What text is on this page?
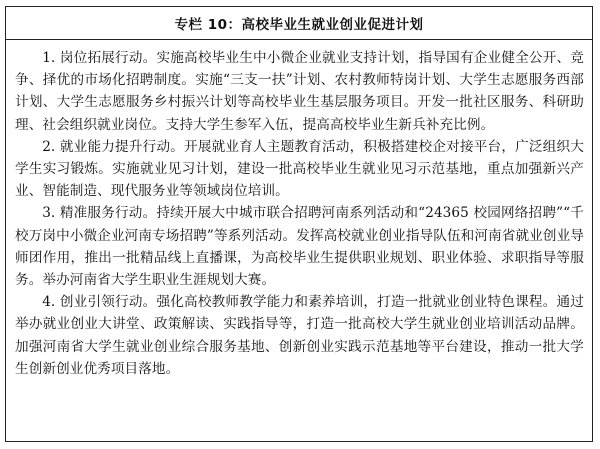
专栏 10：高校毕业生就业创业促进计划

1. 岗位拓展行动。实施高校毕业生中小微企业就业支持计划，指导国有企业健全公开、竞争、择优的市场化招聘制度。实施“三支一扶”计划、农村教师特岗计划、大学生志愿服务西部计划、大学生志愿服务乡村振兴计划等高校毕业生基层服务项目。开发一批社区服务、科研助理、社会组织就业岗位。支持大学生参军入伍，提高高校毕业生新兵补充比例。

2. 就业能力提升行动。开展就业育人主题教育活动，积极搭建校企对接平台，广泛组织大学生实习锻炼。实施就业见习计划，建设一批高校毕业生就业见习示范基地，重点加强新兴产业、智能制造、现代服务业等领域岗位培训。

3. 精准服务行动。持续开展大中城市联合招聘河南系列活动和“24365 校园网络招聘”“千校万岗中小微企业河南专场招聘”等系列活动。发挥高校就业创业指导队伍和河南省就业创业导师团作用，推出一批精品线上直播课，为高校毕业生提供职业规划、职业体验、求职指导等服务。举办河南省大学生职业生涯规划大赛。

4. 创业引领行动。强化高校教师教学能力和素养培训，打造一批就业创业特色课程。通过举办就业创业大讲堂、政策解读、实践指导等，打造一批高校大学生就业创业培训活动品牌。加强河南省大学生就业创业综合服务基地、创新创业实践示范基地等平台建设，推动一批大学生创新创业优秀项目落地。
